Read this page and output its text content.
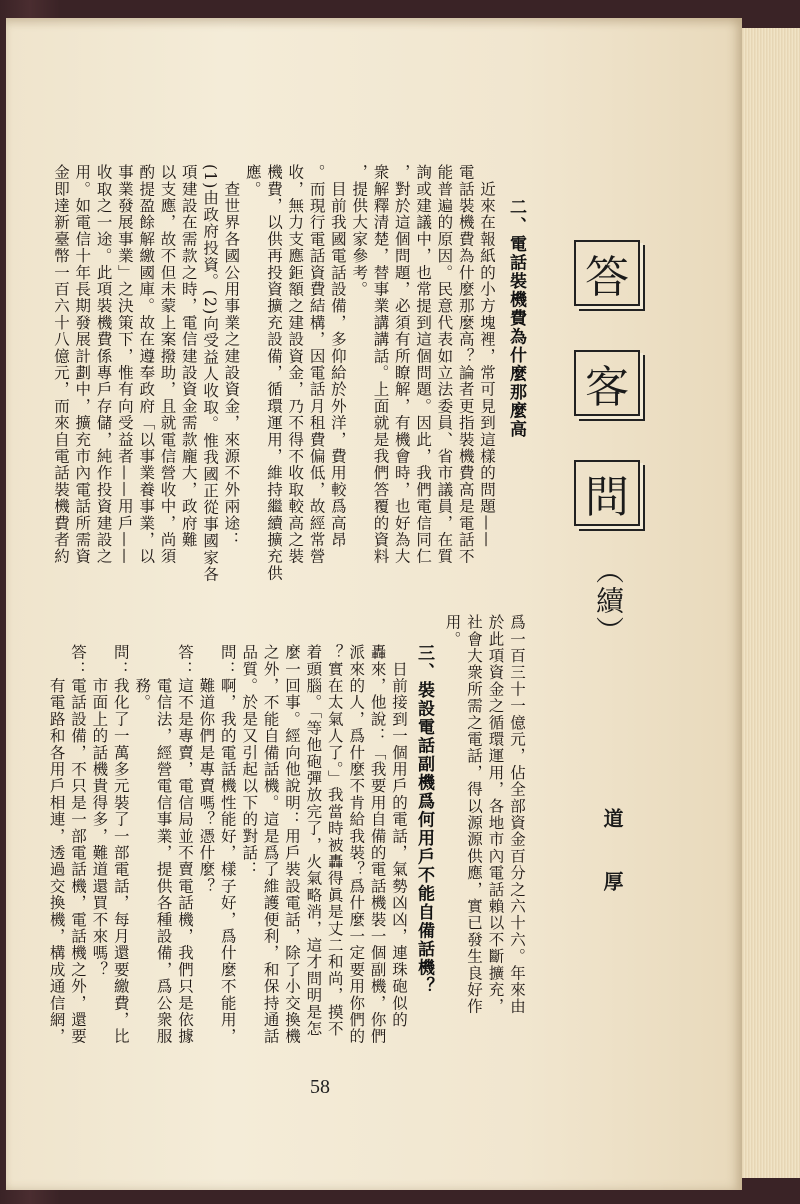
答
客
問
（續）
道 厚
二、電話裝機費為什麼那麼高
　近來在報紙的小方塊裡，常可見到這樣的問題——
電話裝機費為什麼那麼高？論者更指裝機費高是電話不
能普遍的原因。民意代表如立法委員、省市議員，在質
詢或建議中，也常提到這個問題。因此，我們電信同仁
，對於這個問題，必須有所瞭解，有機會時，也好為大
衆解釋清楚，替事業講講話。上面就是我們答覆的資料
，提供大家參考。
　目前我國電話設備，多仰給於外洋，費用較爲高昂
。而現行電話資費結構，因電話月租費偏低，故經常營
收，無力支應鉅額之建設資金，乃不得不收取較高之裝
機費，以供再投資擴充設備，循環運用，維持繼續擴充供
應。
　查世界各國公用事業之建設資金，來源不外兩途：
(1)由政府投資。(2)向受益人收取。惟我國正從事國家各
項建設在需款之時，電信建設資金需款龐大，政府難
以支應，故不但未蒙上案撥助，且就電信營收中，尚須
酌提盈餘解繳國庫。故在遵奉政府「以事業養事業，以
事業發展事業」之決策下，惟有向受益者——用戶——
收取之一途。此項裝機費係專戶存儲，純作投資建設之
用。如電信十年長期發展計劃中，擴充市內電話所需資
金即達新臺幣一百六十八億元，而來自電話裝機費者約
爲一百三十一億元，佔全部資金百分之六十六。年來由
於此項資金之循環運用，各地市內電話賴以不斷擴充，
社會大衆所需之電話，得以源源供應，實已發生良好作
用。
三、裝設電話副機爲何用戶不能自備話機？
　日前接到一個用戶的電話，氣勢凶凶，連珠砲似的
轟來，他說：「我要用自備的電話機裝一個副機，你們
派來的人，爲什麼不肯給我裝？爲什麼一定要用你們的
？實在太氣人了。」我當時被轟得眞是丈二和尚，摸不
着頭腦。「等他砲彈放完了，火氣略消，這才問明是怎
麼一回事。經向他說明：用戶裝設電話，除了小交換機
之外，不能自備話機。這是爲了維護便利，和保持通話
品質。於是又引起以下的對話：
問：啊，我的電話機性能好，樣子好，爲什麼不能用，
　　難道你們是專賣嗎？憑什麼？
答：這不是專賣，電信局並不賣電話機，我們只是依據
　　電信法，經營電信事業，提供各種設備，爲公衆服
　　務。
問：我化了一萬多元裝了一部電話，每月還要繳費，比
　　市面上的話機貴得多，難道還買不來嗎？
答：電話設備，不只是一部電話機，電話機之外，還要
　　有電路和各用戶相連，透過交換機，構成通信網，
58
